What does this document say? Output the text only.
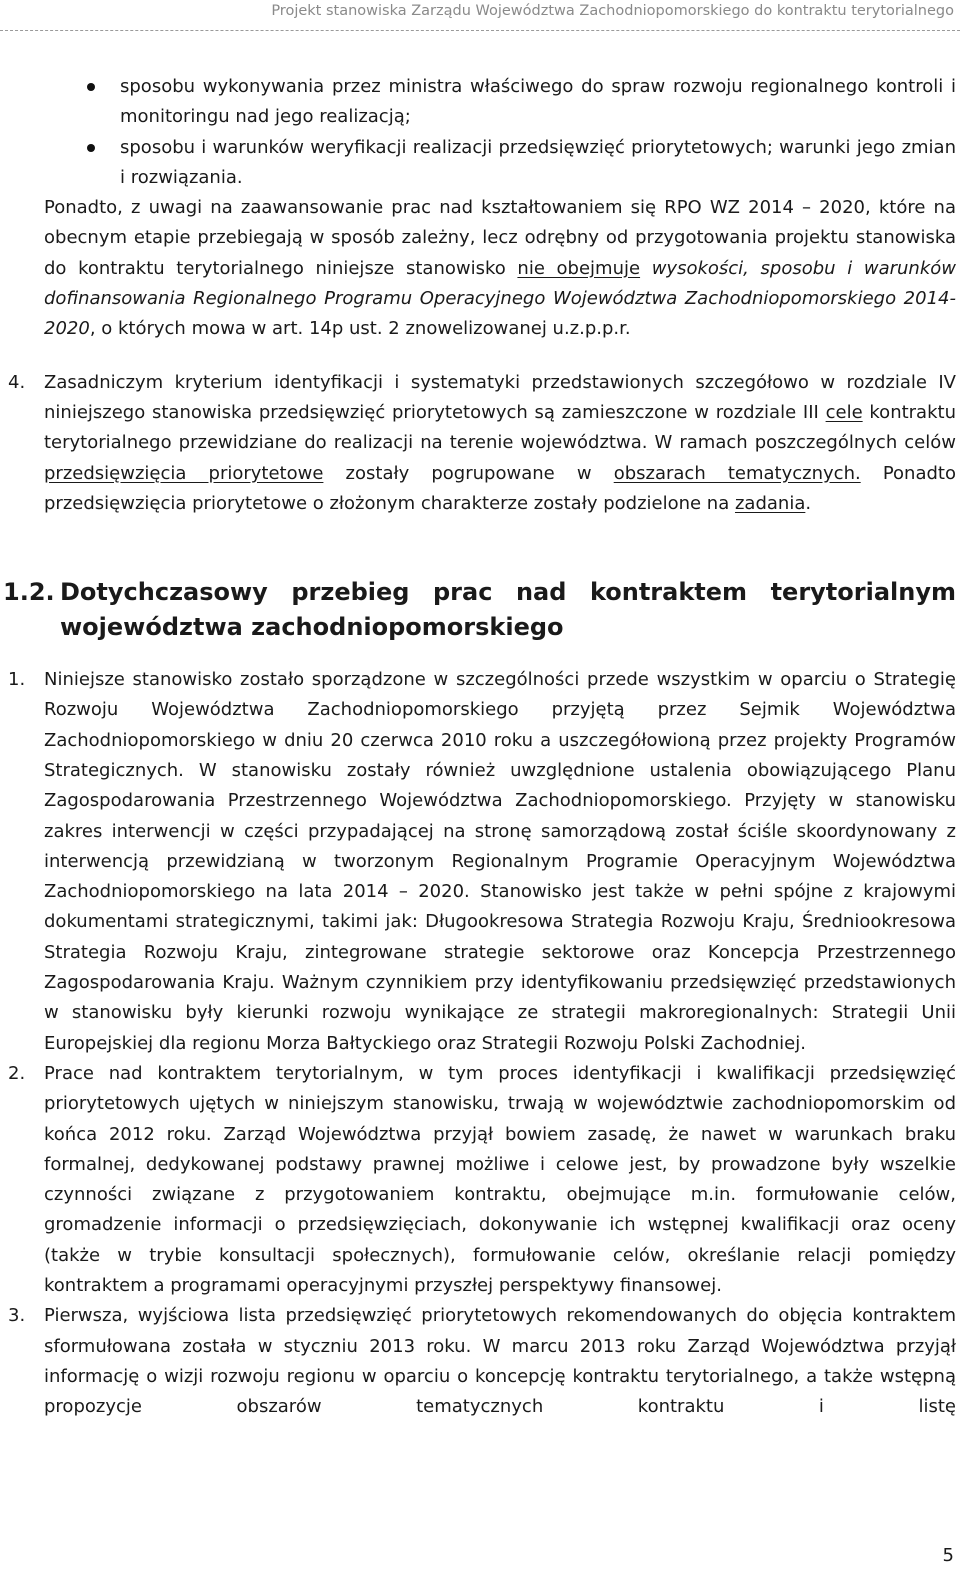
Projekt stanowiska Zarządu Województwa Zachodniopomorskiego do kontraktu terytorialnego
sposobu wykonywania przez ministra właściwego do spraw rozwoju regionalnego kontroli i monitoringu nad jego realizacją;
sposobu i warunków weryfikacji realizacji przedsięwzięć priorytetowych; warunki jego zmian i rozwiązania.

Ponadto, z uwagi na zaawansowanie prac nad kształtowaniem się RPO WZ 2014 – 2020, które na obecnym etapie przebiegają w sposób zależny, lecz odrębny od przygotowania projektu stanowiska do kontraktu terytorialnego niniejsze stanowisko nie obejmuje wysokości, sposobu i warunków dofinansowania Regionalnego Programu Operacyjnego Województwa Zachodniopomorskiego 2014-2020, o których mowa w art. 14p ust. 2 znowelizowanej u.z.p.p.r.

4. Zasadniczym kryterium identyfikacji i systematyki przedstawionych szczegółowo w rozdziale IV niniejszego stanowiska przedsięwzięć priorytetowych są zamieszczone w rozdziale III cele kontraktu terytorialnego przewidziane do realizacji na terenie województwa. W ramach poszczególnych celów przedsięwzięcia priorytetowe zostały pogrupowane w obszarach tematycznych. Ponadto przedsięwzięcia priorytetowe o złożonym charakterze zostały podzielone na zadania.

1.2. Dotychczasowy przebieg prac nad kontraktem terytorialnym województwa zachodniopomorskiego
1. Niniejsze stanowisko zostało sporządzone w szczególności przede wszystkim w oparciu o Strategię Rozwoju Województwa Zachodniopomorskiego przyjętą przez Sejmik Województwa Zachodniopomorskiego w dniu 20 czerwca 2010 roku a uszczegółowioną przez projekty Programów Strategicznych. W stanowisku zostały również uwzględnione ustalenia obowiązującego Planu Zagospodarowania Przestrzennego Województwa Zachodniopomorskiego. Przyjęty w stanowisku zakres interwencji w części przypadającej na stronę samorządową został ściśle skoordynowany z interwencją przewidzianą w tworzonym Regionalnym Programie Operacyjnym Województwa Zachodniopomorskiego na lata 2014 – 2020. Stanowisko jest także w pełni spójne z krajowymi dokumentami strategicznymi, takimi jak: Długookresowa Strategia Rozwoju Kraju, Średniookresowa Strategia Rozwoju Kraju, zintegrowane strategie sektorowe oraz Koncepcja Przestrzennego Zagospodarowania Kraju. Ważnym czynnikiem przy identyfikowaniu przedsięwzięć przedstawionych w stanowisku były kierunki rozwoju wynikające ze strategii makroregionalnych: Strategii Unii Europejskiej dla regionu Morza Bałtyckiego oraz Strategii Rozwoju Polski Zachodniej.

2. Prace nad kontraktem terytorialnym, w tym proces identyfikacji i kwalifikacji przedsięwzięć priorytetowych ujętych w niniejszym stanowisku, trwają w województwie zachodniopomorskim od końca 2012 roku. Zarząd Województwa przyjął bowiem zasadę, że nawet w warunkach braku formalnej, dedykowanej podstawy prawnej możliwe i celowe jest, by prowadzone były wszelkie czynności związane z przygotowaniem kontraktu, obejmujące m.in. formułowanie celów, gromadzenie informacji o przedsięwzięciach, dokonywanie ich wstępnej kwalifikacji oraz oceny (także w trybie konsultacji społecznych), formułowanie celów, określanie relacji pomiędzy kontraktem a programami operacyjnymi przyszłej perspektywy finansowej.

3. Pierwsza, wyjściowa lista przedsięwzięć priorytetowych rekomendowanych do objęcia kontraktem sformułowana została w styczniu 2013 roku. W marcu 2013 roku Zarząd Województwa przyjął informację o wizji rozwoju regionu w oparciu o koncepcję kontraktu terytorialnego, a także wstępną propozycje obszarów tematycznych kontraktu i listę

5
